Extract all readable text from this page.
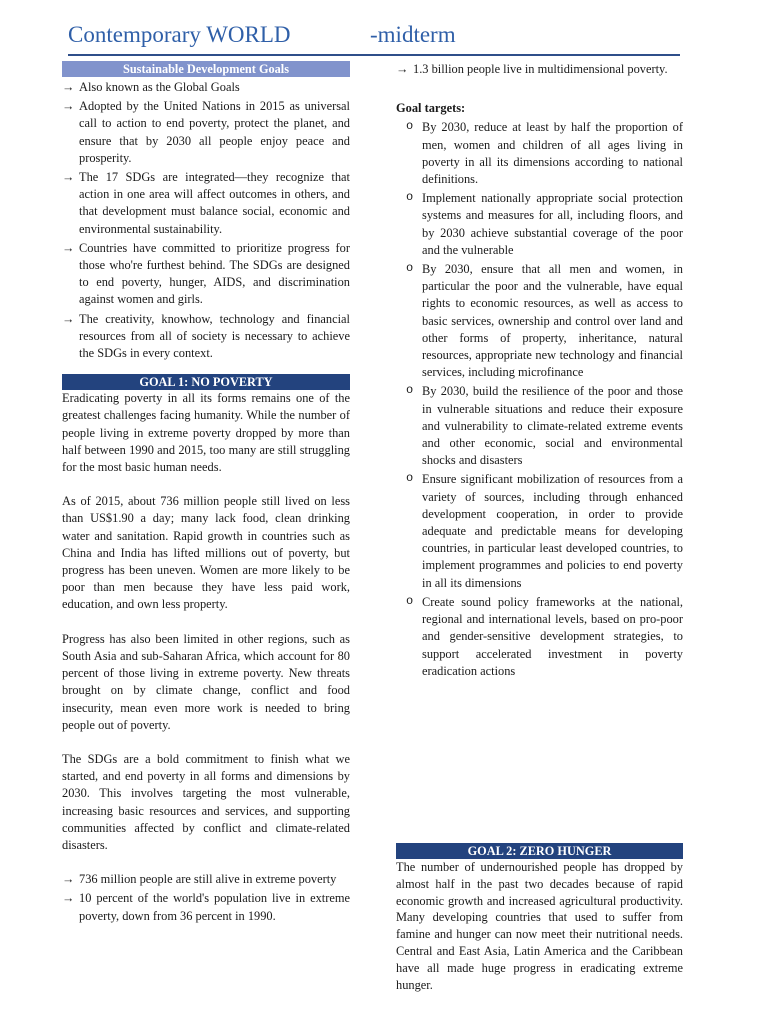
Contemporary WORLD	-midterm
Sustainable Development Goals
→ Also known as the Global Goals
→ Adopted by the United Nations in 2015 as universal call to action to end poverty, protect the planet, and ensure that by 2030 all people enjoy peace and prosperity.
→ The 17 SDGs are integrated—they recognize that action in one area will affect outcomes in others, and that development must balance social, economic and environmental sustainability.
→ Countries have committed to prioritize progress for those who're furthest behind. The SDGs are designed to end poverty, hunger, AIDS, and discrimination against women and girls.
→ The creativity, knowhow, technology and financial resources from all of society is necessary to achieve the SDGs in every context.
GOAL 1: NO POVERTY

Eradicating poverty in all its forms remains one of the greatest challenges facing humanity. While the number of people living in extreme poverty dropped by more than half between 1990 and 2015, too many are still struggling for the most basic human needs.

As of 2015, about 736 million people still lived on less than US$1.90 a day; many lack food, clean drinking water and sanitation. Rapid growth in countries such as China and India has lifted millions out of poverty, but progress has been uneven. Women are more likely to be poor than men because they have less paid work, education, and own less property.

Progress has also been limited in other regions, such as South Asia and sub-Saharan Africa, which account for 80 percent of those living in extreme poverty. New threats brought on by climate change, conflict and food insecurity, mean even more work is needed to bring people out of poverty.

The SDGs are a bold commitment to finish what we started, and end poverty in all forms and dimensions by 2030. This involves targeting the most vulnerable, increasing basic resources and services, and supporting communities affected by conflict and climate-related disasters.

→ 736 million people are still alive in extreme poverty
→ 10 percent of the world's population live in extreme poverty, down from 36 percent in 1990.
→ 1.3 billion people live in multidimensional poverty.
Goal targets:
o By 2030, reduce at least by half the proportion of men, women and children of all ages living in poverty in all its dimensions according to national definitions.
o Implement nationally appropriate social protection systems and measures for all, including floors, and by 2030 achieve substantial coverage of the poor and the vulnerable
o By 2030, ensure that all men and women, in particular the poor and the vulnerable, have equal rights to economic resources, as well as access to basic services, ownership and control over land and other forms of property, inheritance, natural resources, appropriate new technology and financial services, including microfinance
o By 2030, build the resilience of the poor and those in vulnerable situations and reduce their exposure and vulnerability to climate-related extreme events and other economic, social and environmental shocks and disasters
o Ensure significant mobilization of resources from a variety of sources, including through enhanced development cooperation, in order to provide adequate and predictable means for developing countries, in particular least developed countries, to implement programmes and policies to end poverty in all its dimensions
o Create sound policy frameworks at the national, regional and international levels, based on pro-poor and gender-sensitive development strategies, to support accelerated investment in poverty eradication actions
GOAL 2: ZERO HUNGER

The number of undernourished people has dropped by almost half in the past two decades because of rapid economic growth and increased agricultural productivity. Many developing countries that used to suffer from famine and hunger can now meet their nutritional needs. Central and East Asia, Latin America and the Caribbean have all made huge progress in eradicating extreme hunger.
